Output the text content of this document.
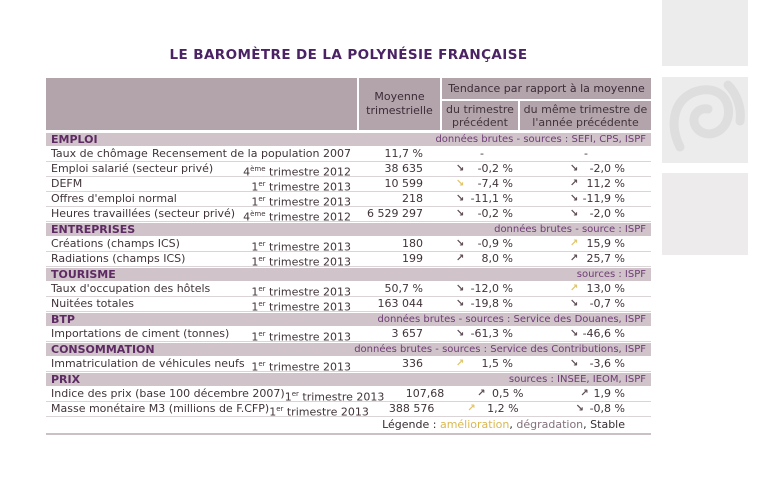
LE BAROMÈTRE DE LA POLYNÉSIE FRANÇAISE
Moyenne trimestrielle
Tendance par rapport à la moyenne
du trimestre précédent
du même trimestre de l'année précédente
EMPLOI	données brutes - sources : SEFI, CPS, ISPF
Taux de chômage Recensement de la population 2007	11,7 %	-	-
Emploi salarié (secteur privé)	4ème trimestre 2012	38 635	↘ -0,2 %	↘ -2,0 %
DEFM	1er trimestre 2013	10 599	↘ -7,4 %	↗ 11,2 %
Offres d'emploi normal	1er trimestre 2013	218	↘ -11,1 %	↘ -11,9 %
Heures travaillées (secteur privé) 4ème trimestre 2012	6 529 297	↘ -0,2 %	↘ -2,0 %
ENTREPRISES	données brutes - source : ISPF
Créations (champs ICS)	1er trimestre 2013	180	↘ -0,9 %	↗ 15,9 %
Radiations (champs ICS)	1er trimestre 2013	199	↗ 8,0 %	↗ 25,7 %
TOURISME	sources : ISPF
Taux d'occupation des hôtels	1er trimestre 2013	50,7 %	↘ -12,0 %	↗ 13,0 %
Nuitées totales	1er trimestre 2013	163 044	↘ -19,8 %	↘ -0,7 %
BTP	données brutes - sources : Service des Douanes, ISPF
Importations de ciment (tonnes)	1er trimestre 2013	3 657	↘ -61,3 %	↘ -46,6 %
CONSOMMATION	données brutes - sources : Service des Contributions, ISPF
Immatriculation de véhicules neufs 1er trimestre 2013	336	↗ 1,5 %	↘ -3,6 %
PRIX	sources : INSEE, IEOM, ISPF
Indice des prix (base 100 décembre 2007) 1er trimestre 2013	107,68	↗ 0,5 %	↗ 1,9 %
Masse monétaire M3 (millions de F.CFP) 1er trimestre 2013	388 576	↗ 1,2 %	↘ -0,8 %
Légende : amélioration, dégradation, Stable
